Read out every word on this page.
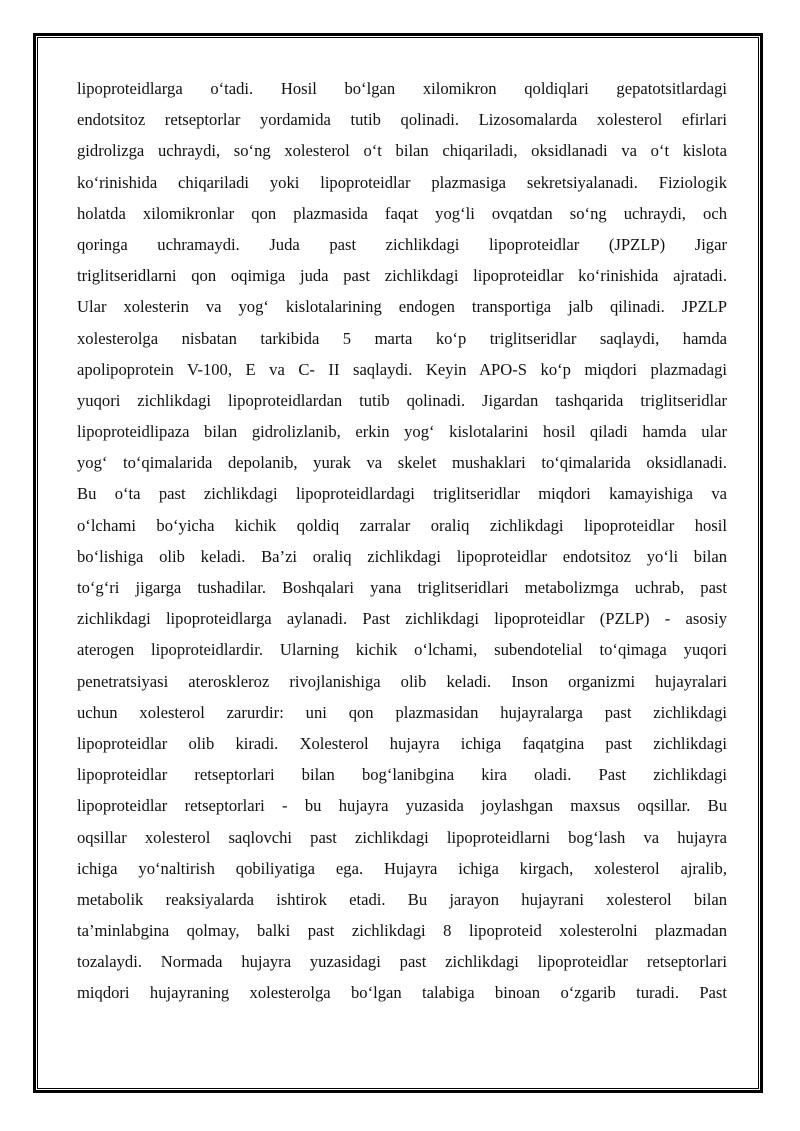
lipoproteidlarga o‘tadi. Hosil bo‘lgan xilomikron qoldiqlari gepatotsitlardagi
endotsitoz retseptorlar yordamida tutib qolinadi. Lizosomalarda xolesterol efirlari
gidrolizga uchraydi, so‘ng xolesterol o‘t bilan chiqariladi, oksidlanadi va o‘t kislota
ko‘rinishida chiqariladi yoki lipoproteidlar plazmasiga sekretsiyalanadi. Fiziologik
holatda xilomikronlar qon plazmasida faqat yog‘li ovqatdan so‘ng uchraydi, och
qoringa uchramaydi. Juda past zichlikdagi lipoproteidlar (JPZLP) Jigar
triglitseridlarni qon oqimiga juda past zichlikdagi lipoproteidlar ko‘rinishida ajratadi.
Ular xolesterin va yog‘ kislotalarining endogen transportiga jalb qilinadi. JPZLP
xolesterolga nisbatan tarkibida 5 marta ko‘p triglitseridlar saqlaydi, hamda
apolipoprotein V-100, E va C- II saqlaydi. Keyin APO-S ko‘p miqdori plazmadagi
yuqori zichlikdagi lipoproteidlardan tutib qolinadi. Jigardan tashqarida triglitseridlar
lipoproteidlipaza bilan gidrolizlanib, erkin yog‘ kislotalarini hosil qiladi hamda ular
yog‘ to‘qimalarida depolanib, yurak va skelet mushaklari to‘qimalarida oksidlanadi.
Bu o‘ta past zichlikdagi lipoproteidlardagi triglitseridlar miqdori kamayishiga va
o‘lchami bo‘yicha kichik qoldiq zarralar oraliq zichlikdagi lipoproteidlar hosil
bo‘lishiga olib keladi. Ba’zi oraliq zichlikdagi lipoproteidlar endotsitoz yo‘li bilan
to‘g‘ri jigarga tushadilar. Boshqalari yana triglitseridlari metabolizmga uchrab, past
zichlikdagi lipoproteidlarga aylanadi. Past zichlikdagi lipoproteidlar (PZLP) - asosiy
aterogen lipoproteidlardir. Ularning kichik o‘lchami, subendotelial to‘qimaga yuqori
penetratsiyasi ateroskleroz rivojlanishiga olib keladi. Inson organizmi hujayralari
uchun xolesterol zarurdir: uni qon plazmasidan hujayralarga past zichlikdagi
lipoproteidlar olib kiradi. Xolesterol hujayra ichiga faqatgina past zichlikdagi
lipoproteidlar retseptorlari bilan bog‘lanibgina kira oladi. Past zichlikdagi
lipoproteidlar retseptorlari - bu hujayra yuzasida joylashgan maxsus oqsillar. Bu
oqsillar xolesterol saqlovchi past zichlikdagi lipoproteidlarni bog‘lash va hujayra
ichiga yo‘naltirish qobiliyatiga ega. Hujayra ichiga kirgach, xolesterol ajralib,
metabolik reaksiyalarda ishtirok etadi. Bu jarayon hujayrani xolesterol bilan
ta’minlabgina qolmay, balki past zichlikdagi 8 lipoproteid xolesterolni plazmadan
tozalaydi. Normada hujayra yuzasidagi past zichlikdagi lipoproteidlar retseptorlari
miqdori hujayraning xolesterolga bo‘lgan talabiga binoan o‘zgarib turadi. Past
